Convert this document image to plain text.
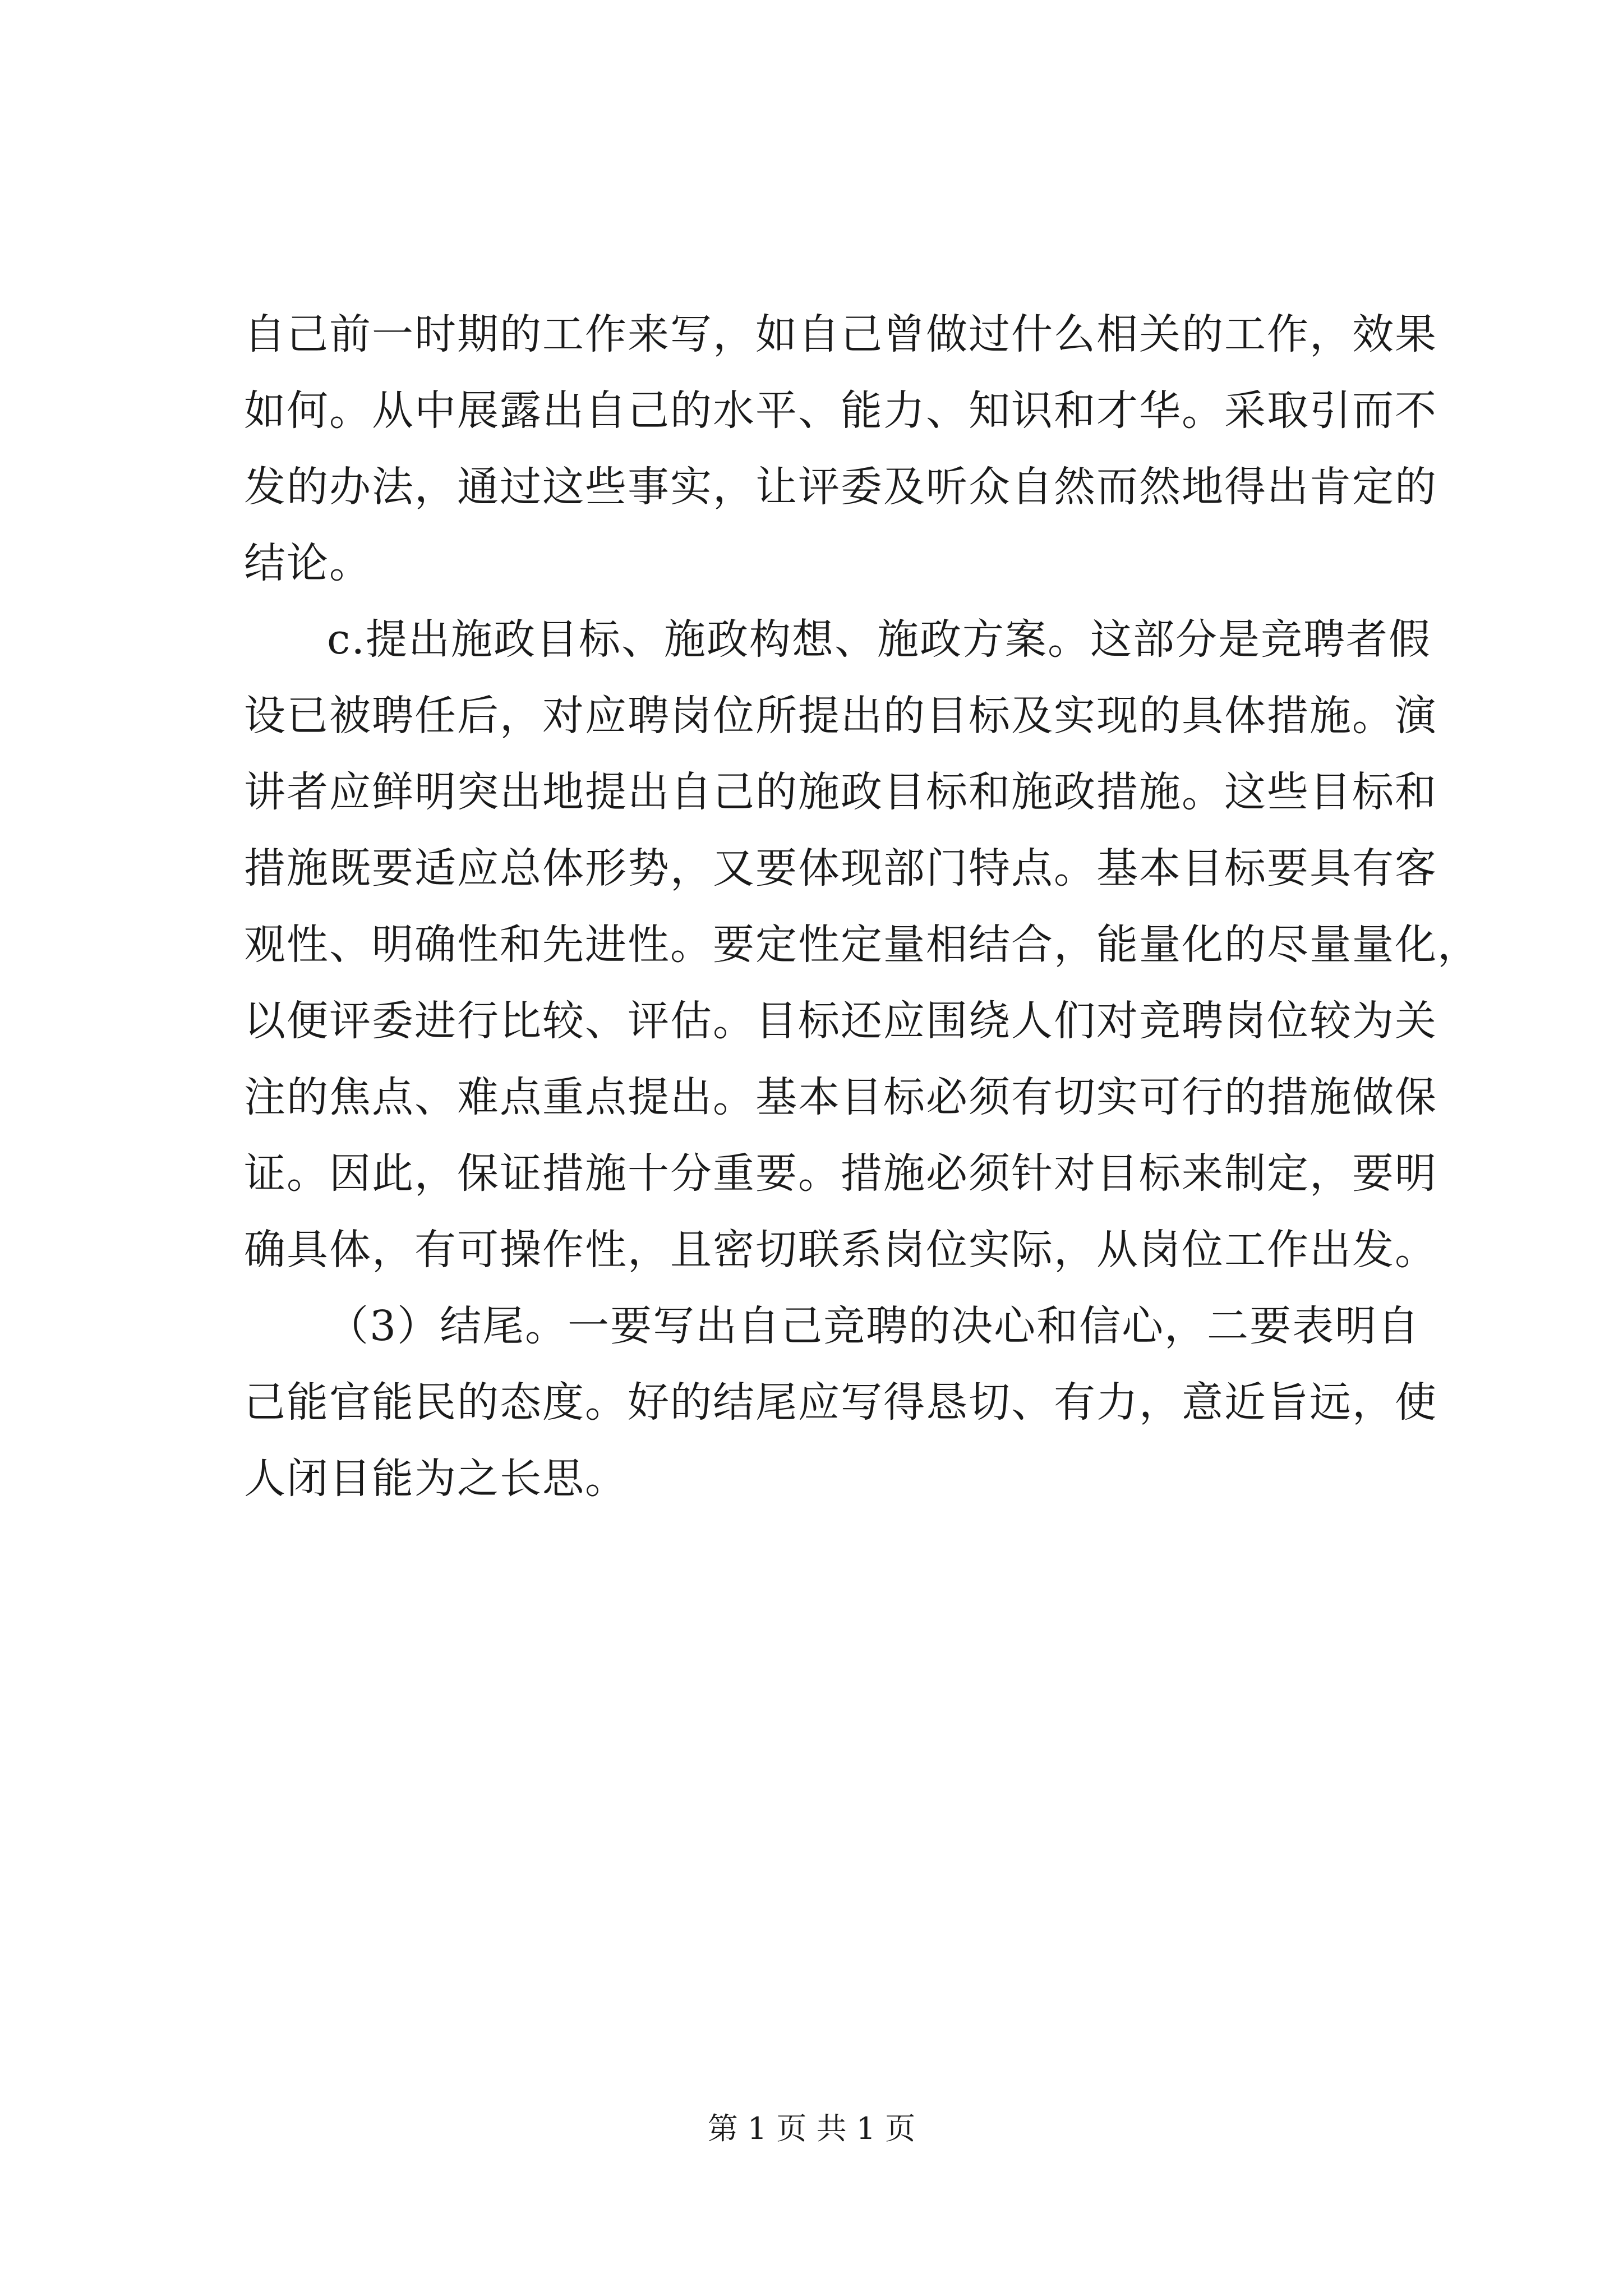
自己前一时期的工作来写，如自己曾做过什么相关的工作，效果
如何。从中展露出自己的水平、能力、知识和才华。采取引而不
发的办法，通过这些事实，让评委及听众自然而然地得出肯定的
结论。
c.提出施政目标、施政构想、施政方案。这部分是竞聘者假
设已被聘任后，对应聘岗位所提出的目标及实现的具体措施。演
讲者应鲜明突出地提出自己的施政目标和施政措施。这些目标和
措施既要适应总体形势，又要体现部门特点。基本目标要具有客
观性、明确性和先进性。要定性定量相结合，能量化的尽量量化，
以便评委进行比较、评估。目标还应围绕人们对竞聘岗位较为关
注的焦点、难点重点提出。基本目标必须有切实可行的措施做保
证。因此，保证措施十分重要。措施必须针对目标来制定，要明
确具体，有可操作性，且密切联系岗位实际，从岗位工作出发。
（3）结尾。一要写出自己竞聘的决心和信心，二要表明自
己能官能民的态度。好的结尾应写得恳切、有力，意近旨远，使
人闭目能为之长思。
第 1 页 共 1 页
